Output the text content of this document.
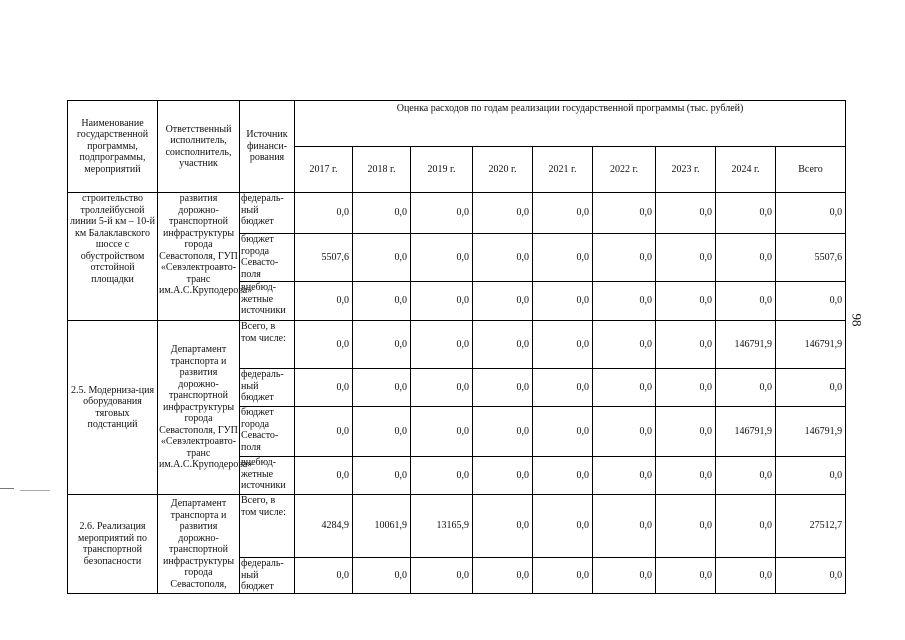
Наименование государственной программы, подпрограммы, мероприятий	Ответственный исполнитель, соисполнитель, участник	Источник финанси-рования	Оценка расходов по годам реализации государственной программы (тыс. рублей)								
			2017 г.	2018 г.	2019 г.	2020 г.	2021 г.	2022 г.	2023 г.	2024 г.	Всего
строительство троллейбусной линии 5-й км – 10-й км Балаклавского шоссе с обустройством отстойной площадки	развития дорожно-транспортной инфраструктуры города Севастополя, ГУП «Севэлектроавто-транс им.А.С.Круподерова»	федераль-ный бюджет	0,0	0,0	0,0	0,0	0,0	0,0	0,0	0,0	0,0
		бюджет города Севасто-поля	5507,6	0,0	0,0	0,0	0,0	0,0	0,0	0,0	5507,6
		внебюд-жетные источники	0,0	0,0	0,0	0,0	0,0	0,0	0,0	0,0	0,0
2.5. Модерниза-ция оборудования тяговых подстанций	Департамент транспорта и развития дорожно-транспортной инфраструктуры города Севастополя, ГУП «Севэлектроавто-транс им.А.С.Круподерова»	Всего, в том числе:	0,0	0,0	0,0	0,0	0,0	0,0	0,0	146791,9	146791,9
		федераль-ный бюджет	0,0	0,0	0,0	0,0	0,0	0,0	0,0	0,0	0,0
		бюджет города Севасто-поля	0,0	0,0	0,0	0,0	0,0	0,0	0,0	146791,9	146791,9
		внебюд-жетные источники	0,0	0,0	0,0	0,0	0,0	0,0	0,0	0,0	0,0
2.6. Реализация мероприятий по транспортной безопасности	Департамент транспорта и развития дорожно-транспортной инфраструктуры города Севастополя,	Всего, в том числе:	4284,9	10061,9	13165,9	0,0	0,0	0,0	0,0	0,0	27512,7
		федераль-ный бюджет	0,0	0,0	0,0	0,0	0,0	0,0	0,0	0,0	0,0
98
